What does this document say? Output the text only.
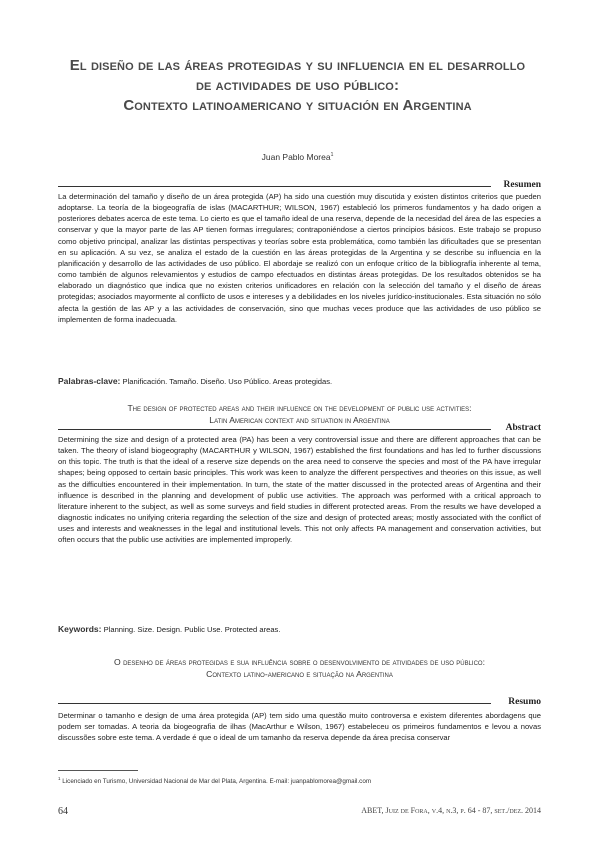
El diseño de las áreas protegidas y su influencia en el desarrollo
de actividades de uso público:
Contexto latinoamericano y situación en Argentina
Juan Pablo Morea$^1$
Resumen
La determinación del tamaño y diseño de un área protegida (AP) ha sido una cuestión muy discutida y existen distintos criterios que pueden adoptarse. La teoría de la biogeografía de islas (MACARTHUR; WILSON, 1967) estableció los primeros fundamentos y ha dado origen a posteriores debates acerca de este tema. Lo cierto es que el tamaño ideal de una reserva, depende de la necesidad del área de las especies a conservar y que la mayor parte de las AP tienen formas irregulares; contraponiéndose a ciertos principios básicos. Este trabajo se propuso como objetivo principal, analizar las distintas perspectivas y teorías sobre esta problemática, como también las dificultades que se presentan en su aplicación. A su vez, se analiza el estado de la cuestión en las áreas protegidas de la Argentina y se describe su influencia en la planificación y desarrollo de las actividades de uso público. El abordaje se realizó con un enfoque crítico de la bibliografía inherente al tema, como también de algunos relevamientos y estudios de campo efectuados en distintas áreas protegidas. De los resultados obtenidos se ha elaborado un diagnóstico que indica que no existen criterios unificadores en relación con la selección del tamaño y el diseño de áreas protegidas; asociados mayormente al conflicto de usos e intereses y a debilidades en los niveles jurídico-institucionales. Esta situación no sólo afecta la gestión de las AP y a las actividades de conservación, sino que muchas veces produce que las actividades de uso público se implementen de forma inadecuada.
Palabras-clave: Planificación. Tamaño. Diseño. Uso Público. Areas protegidas.
The design of protected areas and their influence on the development of public use activities:
Latin American context and situation in Argentina
Abstract
Determining the size and design of a protected area (PA) has been a very controversial issue and there are different approaches that can be taken. The theory of island biogeography (MACARTHUR y WILSON, 1967) established the first foundations and has led to further discussions on this topic. The truth is that the ideal of a reserve size depends on the area need to conserve the species and most of the PA have irregular shapes; being opposed to certain basic principles. This work was keen to analyze the different perspectives and theories on this issue, as well as the difficulties encountered in their implementation. In turn, the state of the matter discussed in the protected areas of Argentina and their influence is described in the planning and development of public use activities. The approach was performed with a critical approach to literature inherent to the subject, as well as some surveys and field studies in different protected areas. From the results we have developed a diagnostic indicates no unifying criteria regarding the selection of the size and design of protected areas; mostly associated with the conflict of uses and interests and weaknesses in the legal and institutional levels. This not only affects PA management and conservation activities, but often occurs that the public use activities are implemented improperly.
Keywords: Planning. Size. Design. Public Use. Protected areas.
O desenho de áreas protegidas e sua influência sobre o desenvolvimento de atividades de uso público:
Contexto latino-americano e situação na Argentina
Resumo
Determinar o tamanho e design de uma área protegida (AP) tem sido uma questão muito controversa e existem diferentes abordagens que podem ser tomadas. A teoria da biogeografia de ilhas (MacArthur e Wilson, 1967) estabeleceu os primeiros fundamentos e levou a novas discussões sobre este tema. A verdade é que o ideal de um tamanho da reserva depende da área precisa conservar
$^1$ Licenciado en Turismo, Universidad Nacional de Mar del Plata, Argentina. E-mail: juanpablomorea@gmail.com
64	ABET, Juiz de Fora, v.4, n.3, p. 64 - 87, set./dez. 2014
